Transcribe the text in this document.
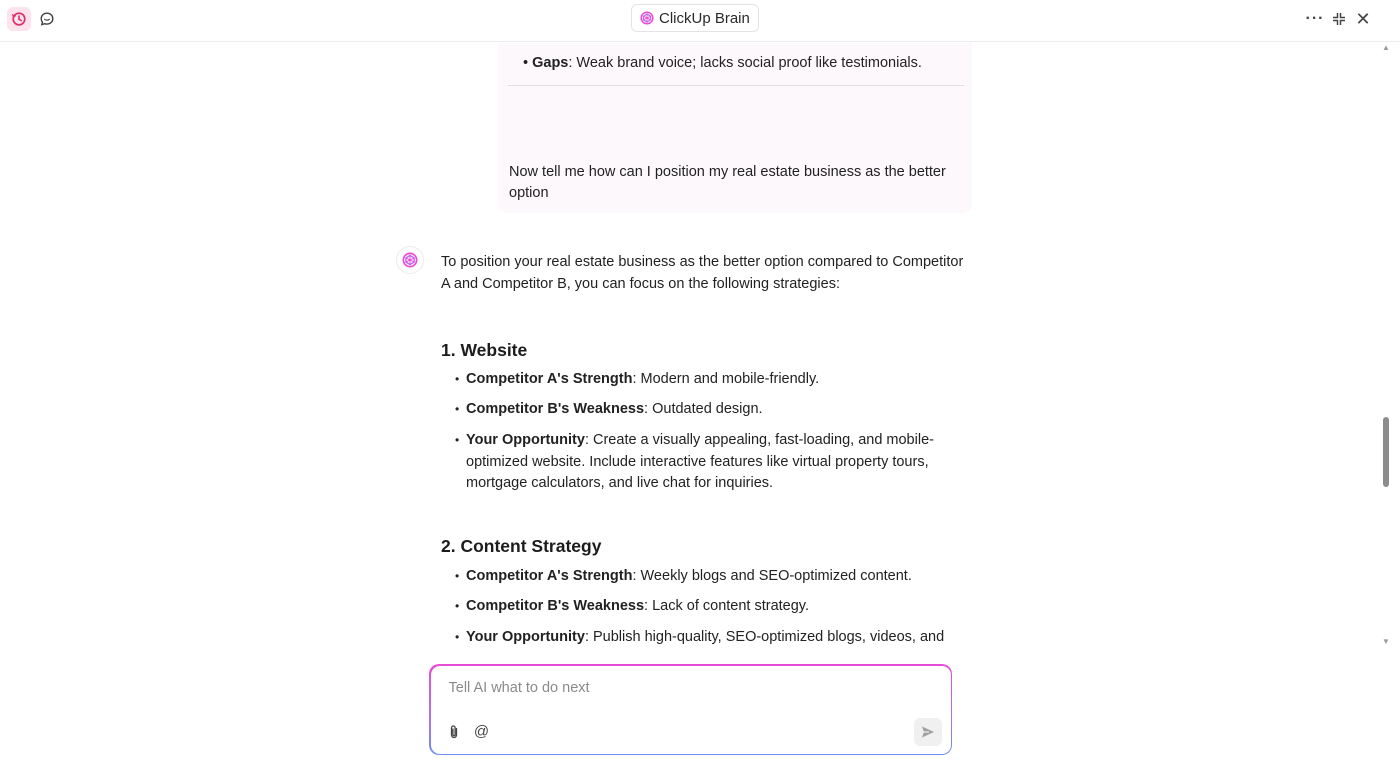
ClickUp Brain	··· ✕
• Gaps: Weak brand voice; lacks social proof like testimonials.
Now tell me how can I position my real estate business as the better option
To position your real estate business as the better option compared to Competitor A and Competitor B, you can focus on the following strategies:
1. Website
• Competitor A's Strength: Modern and mobile-friendly.
• Competitor B's Weakness: Outdated design.
• Your Opportunity: Create a visually appealing, fast-loading, and mobile-optimized website. Include interactive features like virtual property tours, mortgage calculators, and live chat for inquiries.
2. Content Strategy
• Competitor A's Strength: Weekly blogs and SEO-optimized content.
• Competitor B's Weakness: Lack of content strategy.
• Your Opportunity: Publish high-quality, SEO-optimized blogs, videos, and
▲
▼
Tell AI what to do next
@
